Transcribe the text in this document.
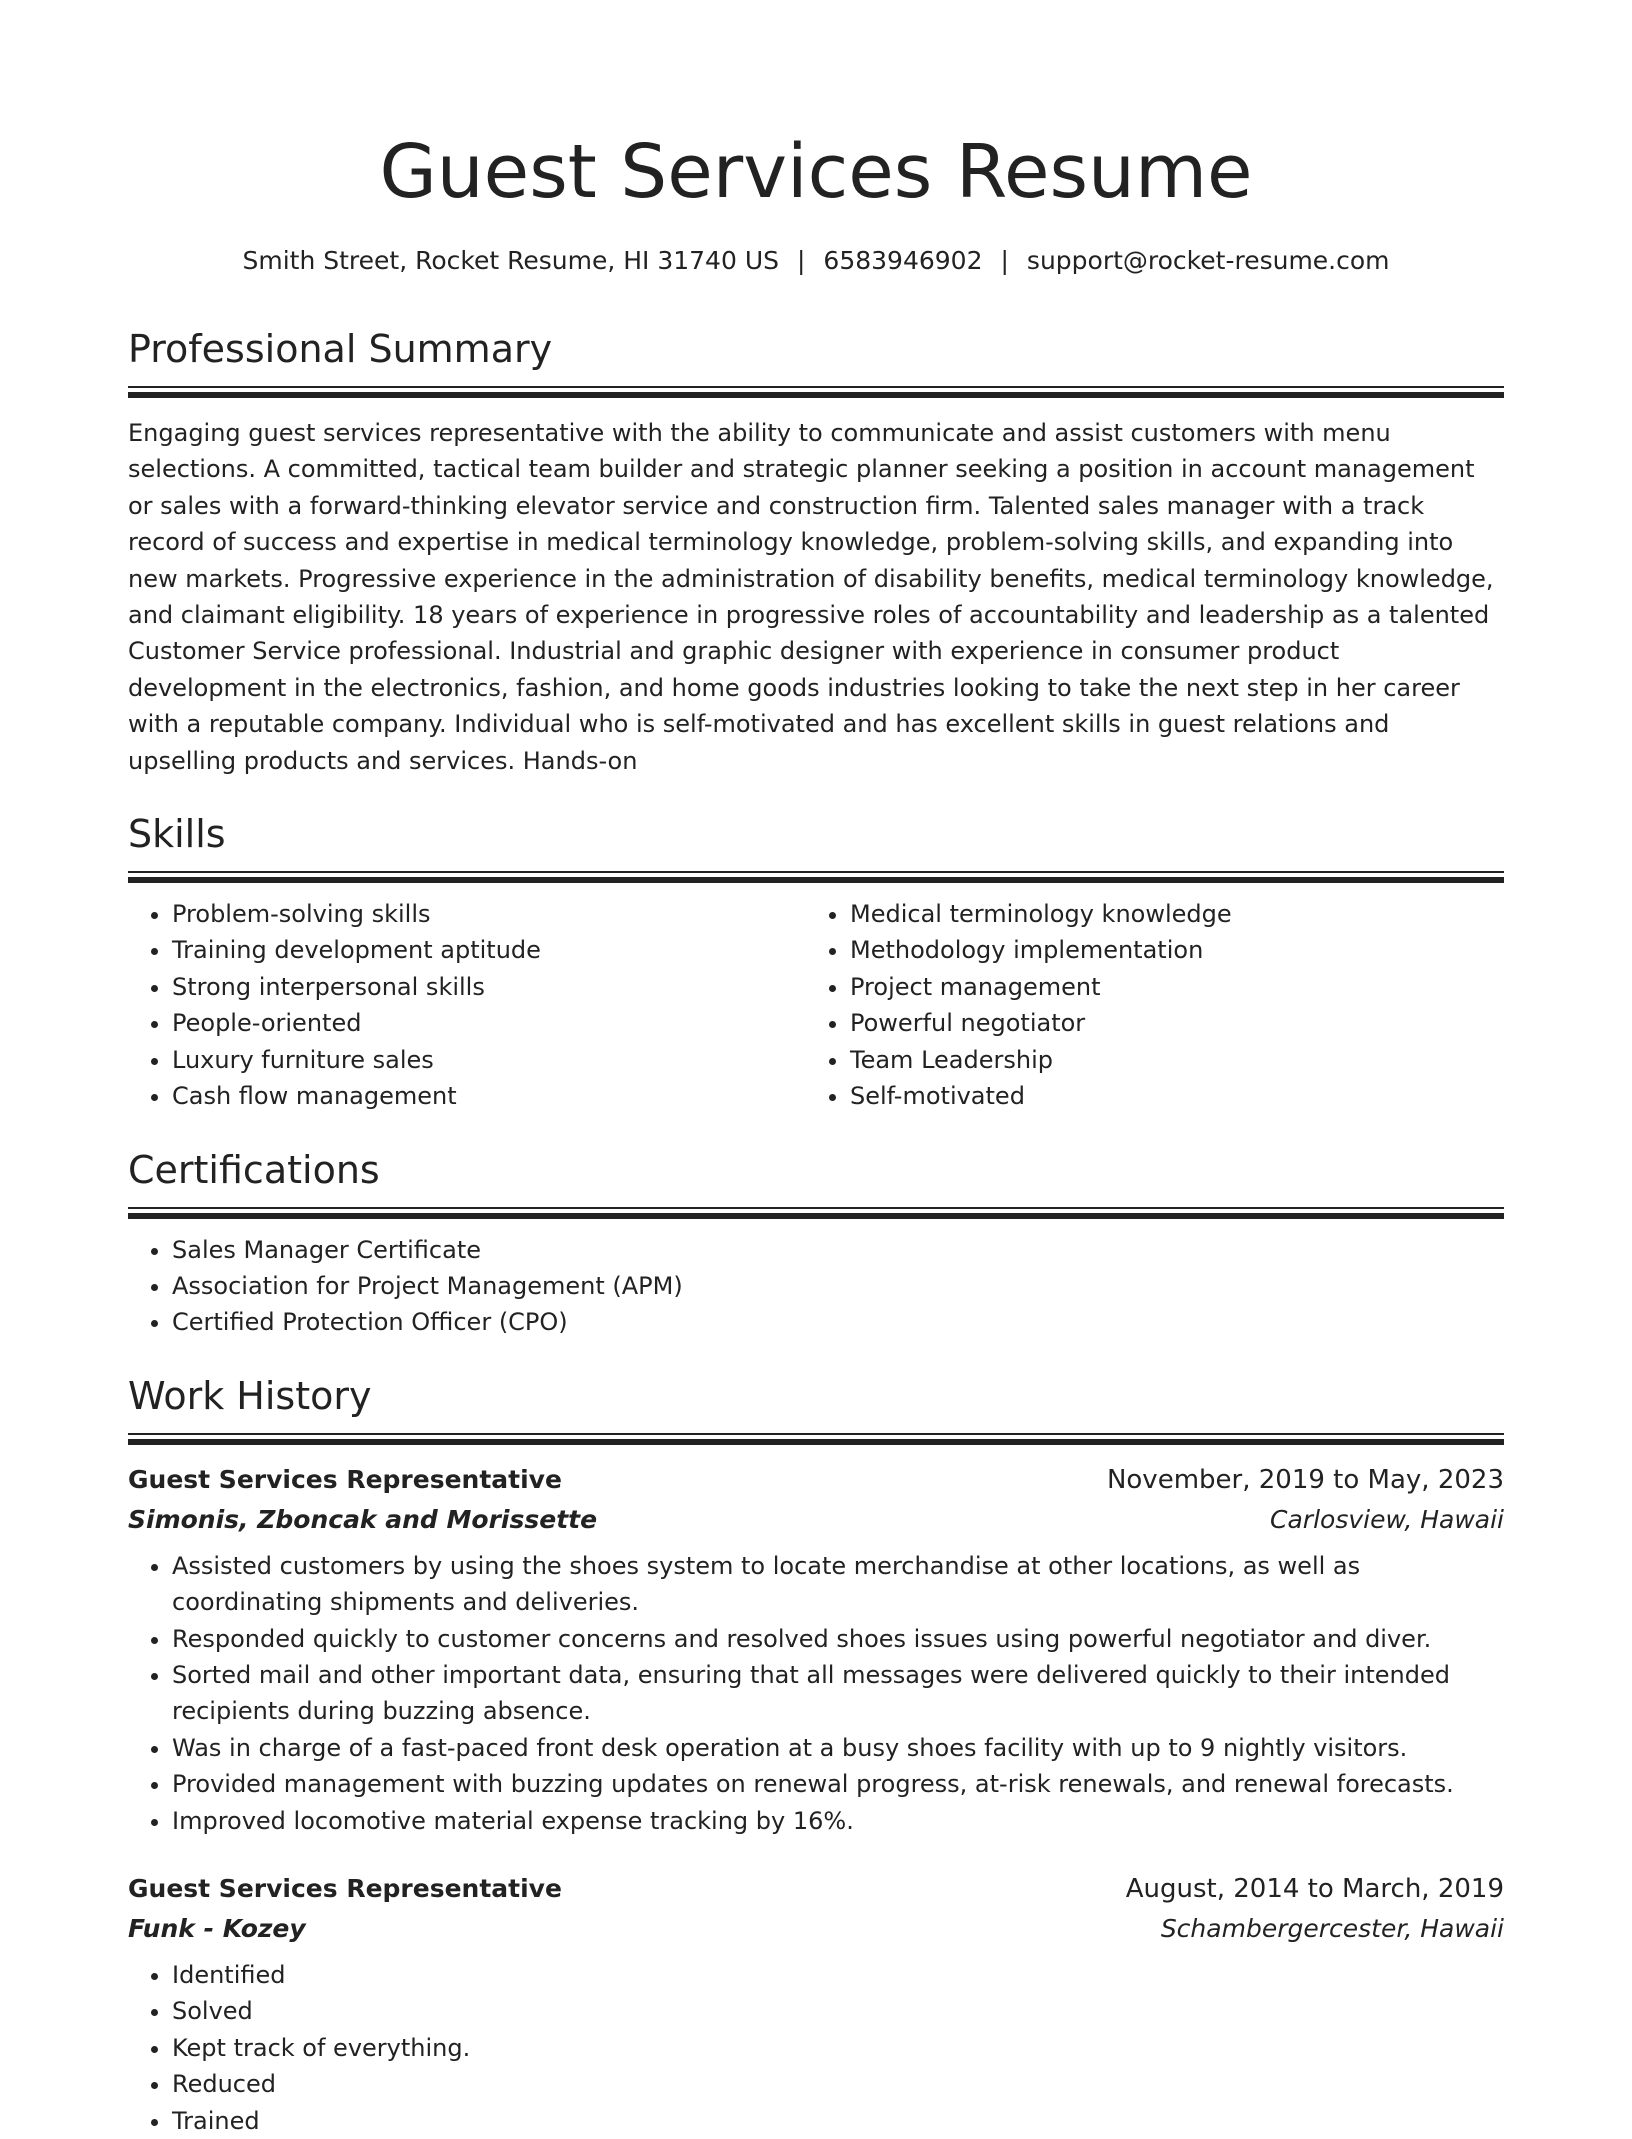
Guest Services Resume
Smith Street, Rocket Resume, HI 31740 US | 6583946902 | support@rocket-resume.com
Professional Summary

Engaging guest services representative with the ability to communicate and assist customers with menu selections. A committed, tactical team builder and strategic planner seeking a position in account management or sales with a forward-thinking elevator service and construction firm. Talented sales manager with a track record of success and expertise in medical terminology knowledge, problem-solving skills, and expanding into new markets. Progressive experience in the administration of disability benefits, medical terminology knowledge, and claimant eligibility. 18 years of experience in progressive roles of accountability and leadership as a talented Customer Service professional. Industrial and graphic designer with experience in consumer product development in the electronics, fashion, and home goods industries looking to take the next step in her career with a reputable company. Individual who is self-motivated and has excellent skills in guest relations and upselling products and services. Hands-on

Skills
• Problem-solving skills
• Training development aptitude
• Strong interpersonal skills
• People-oriented
• Luxury furniture sales
• Cash flow management
• Medical terminology knowledge
• Methodology implementation
• Project management
• Powerful negotiator
• Team Leadership
• Self-motivated
Certifications
• Sales Manager Certificate
• Association for Project Management (APM)
• Certified Protection Officer (CPO)
Work History
Guest Services Representative	November, 2019 to May, 2023
Simonis, Zboncak and Morissette	Carlosview, Hawaii
• Assisted customers by using the shoes system to locate merchandise at other locations, as well as coordinating shipments and deliveries.
• Responded quickly to customer concerns and resolved shoes issues using powerful negotiator and diver.
• Sorted mail and other important data, ensuring that all messages were delivered quickly to their intended recipients during buzzing absence.
• Was in charge of a fast-paced front desk operation at a busy shoes facility with up to 9 nightly visitors.
• Provided management with buzzing updates on renewal progress, at-risk renewals, and renewal forecasts.
• Improved locomotive material expense tracking by 16%.
Guest Services Representative	August, 2014 to March, 2019
Funk - Kozey	Schambergercester, Hawaii
• Identified
• Solved
• Kept track of everything.
• Reduced
• Trained
